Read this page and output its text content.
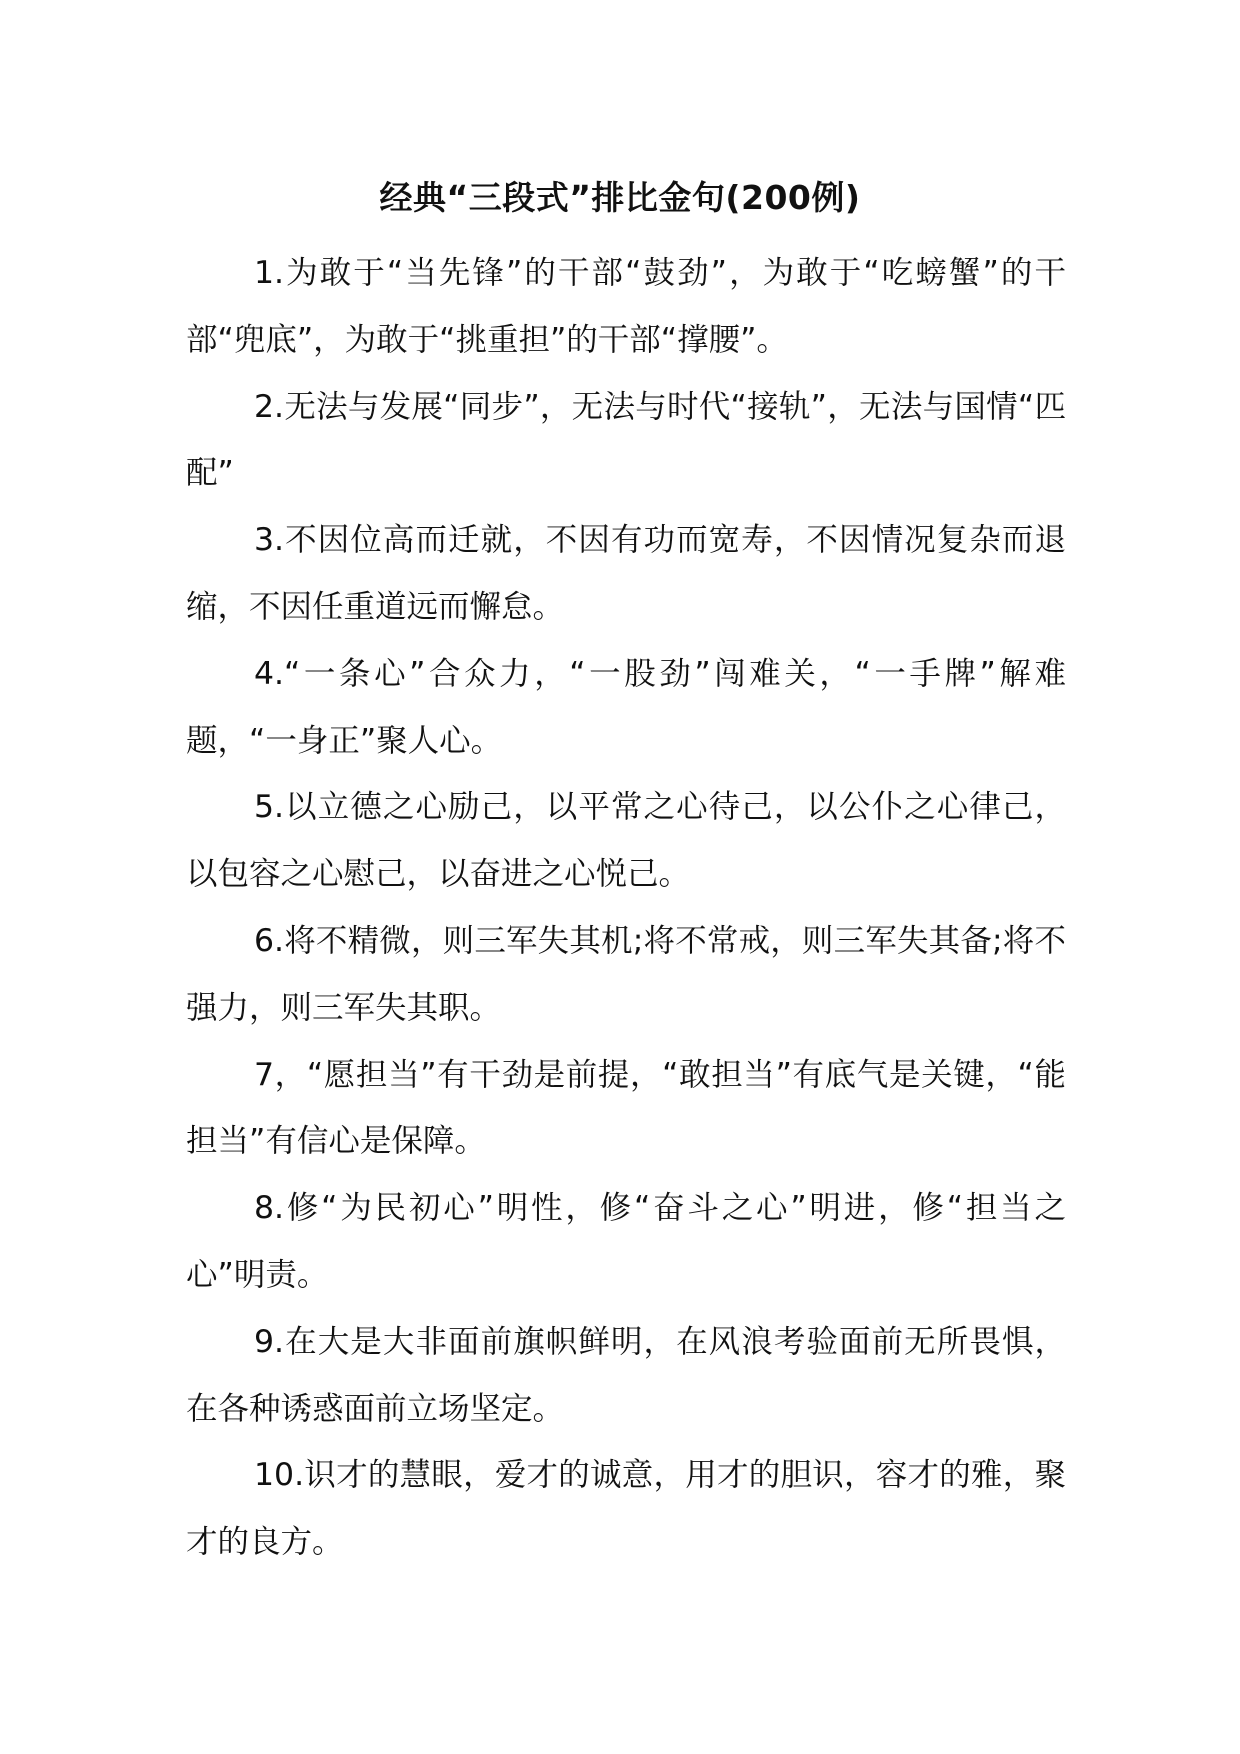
经典“三段式”排比金句(200例)

1.为敢于“当先锋”的干部“鼓劲”，为敢于“吃螃蟹”的干部“兜底”，为敢于“挑重担”的干部“撑腰”。

2.无法与发展“同步”，无法与时代“接轨”，无法与国情“匹配”

3.不因位高而迁就，不因有功而宽寿，不因情况复杂而退缩，不因任重道远而懈怠。

4.“一条心”合众力，“一股劲”闯难关，“一手牌”解难题，“一身正”聚人心。

5.以立德之心励己，以平常之心待己，以公仆之心律己，以包容之心慰己，以奋进之心悦己。

6.将不精微，则三军失其机;将不常戒，则三军失其备;将不强力，则三军失其职。

7，“愿担当”有干劲是前提，“敢担当”有底气是关键，“能担当”有信心是保障。

8.修“为民初心”明性，修“奋斗之心”明进，修“担当之心”明责。

9.在大是大非面前旗帜鲜明，在风浪考验面前无所畏惧，在各种诱惑面前立场坚定。

10.识才的慧眼，爱才的诚意，用才的胆识，容才的雅，聚才的良方。
